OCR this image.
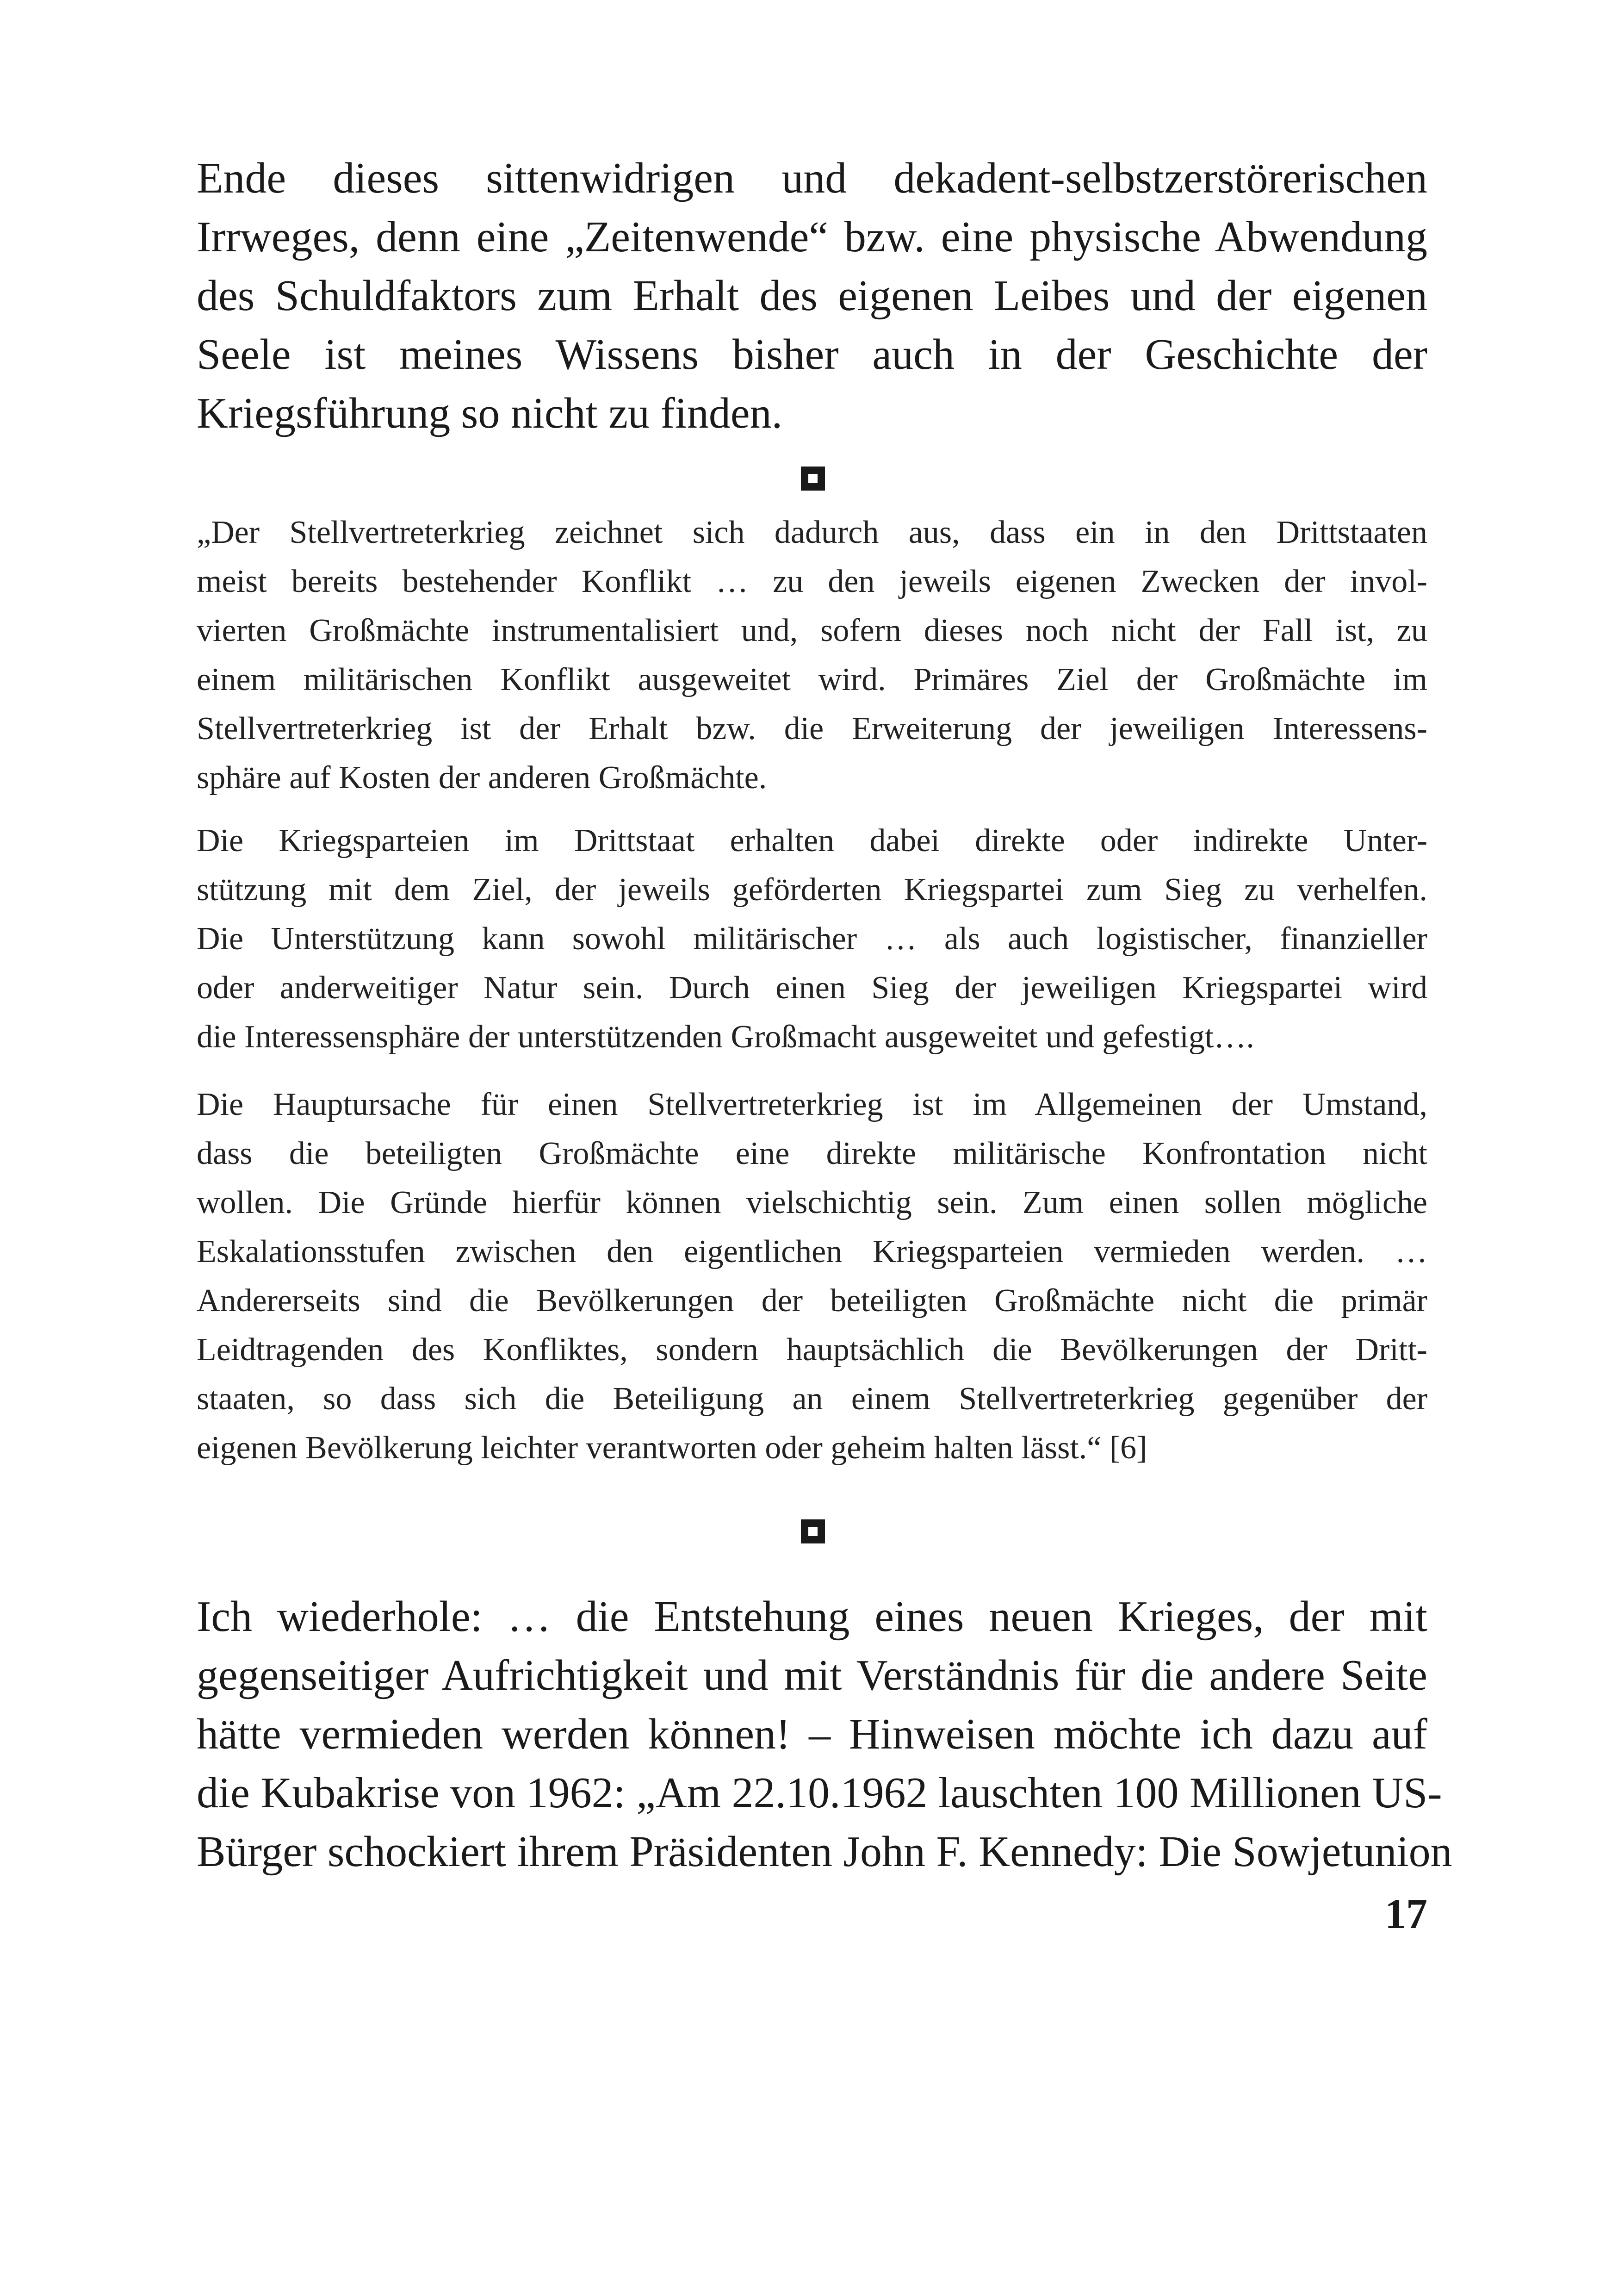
Ende dieses sittenwidrigen und dekadent-selbstzerstörerischen
Irrweges, denn eine „Zeitenwende“ bzw. eine physische Abwendung
des Schuldfaktors zum Erhalt des eigenen Leibes und der eigenen
Seele ist meines Wissens bisher auch in der Geschichte der
Kriegsführung so nicht zu finden.
„Der Stellvertreterkrieg zeichnet sich dadurch aus, dass ein in den Drittstaaten
meist bereits bestehender Konflikt … zu den jeweils eigenen Zwecken der invol-
vierten Großmächte instrumentalisiert und, sofern dieses noch nicht der Fall ist, zu
einem militärischen Konflikt ausgeweitet wird. Primäres Ziel der Großmächte im
Stellvertreterkrieg ist der Erhalt bzw. die Erweiterung der jeweiligen Interessens-
sphäre auf Kosten der anderen Großmächte.
Die Kriegsparteien im Drittstaat erhalten dabei direkte oder indirekte Unter-
stützung mit dem Ziel, der jeweils geförderten Kriegspartei zum Sieg zu verhelfen.
Die Unterstützung kann sowohl militärischer … als auch logistischer, finanzieller
oder anderweitiger Natur sein. Durch einen Sieg der jeweiligen Kriegspartei wird
die Interessensphäre der unterstützenden Großmacht ausgeweitet und gefestigt….
Die Hauptursache für einen Stellvertreterkrieg ist im Allgemeinen der Umstand,
dass die beteiligten Großmächte eine direkte militärische Konfrontation nicht
wollen. Die Gründe hierfür können vielschichtig sein. Zum einen sollen mögliche
Eskalationsstufen zwischen den eigentlichen Kriegsparteien vermieden werden. …
Andererseits sind die Bevölkerungen der beteiligten Großmächte nicht die primär
Leidtragenden des Konfliktes, sondern hauptsächlich die Bevölkerungen der Dritt-
staaten, so dass sich die Beteiligung an einem Stellvertreterkrieg gegenüber der
eigenen Bevölkerung leichter verantworten oder geheim halten lässt.“ [6]
Ich wiederhole: … die Entstehung eines neuen Krieges, der mit
gegenseitiger Aufrichtigkeit und mit Verständnis für die andere Seite
hätte vermieden werden können! – Hinweisen möchte ich dazu auf
die Kubakrise von 1962: „Am 22.10.1962 lauschten 100 Millionen US-
Bürger schockiert ihrem Präsidenten John F. Kennedy: Die Sowjetunion
17
